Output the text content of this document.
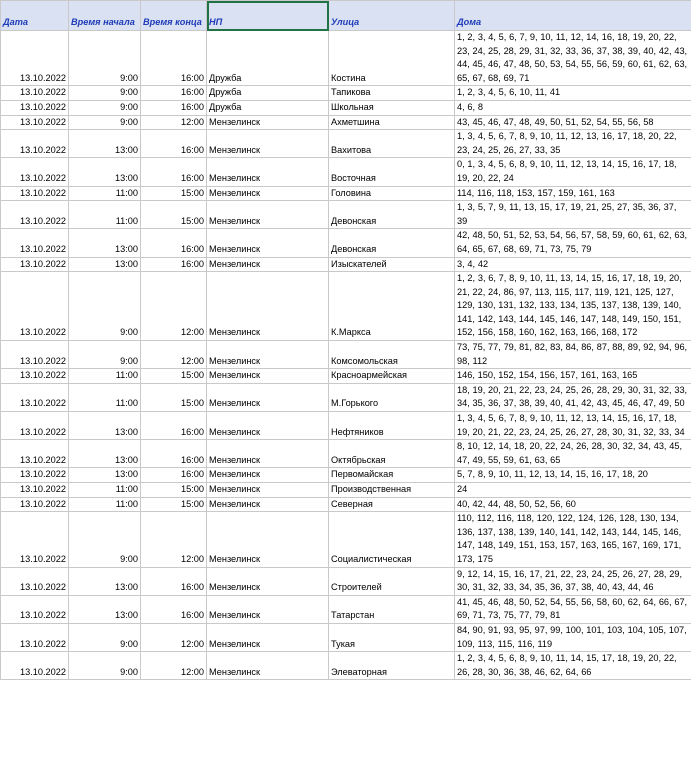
Дата	Время начала	Время конца	НП	Улица	Дома
13.10.2022	9:00	16:00	Дружба	Костина	1, 2, 3, 4, 5, 6, 7, 9, 10, 11, 12, 14, 16, 18, 19, 20, 22, 23, 24, 25, 28, 29, 31, 32, 33, 36, 37, 38, 39, 40, 42, 43, 44, 45, 46, 47, 48, 50, 53, 54, 55, 56, 59, 60, 61, 62, 63, 65, 67, 68, 69, 71
13.10.2022	9:00	16:00	Дружба	Тапикова	1, 2, 3, 4, 5, 6, 10, 11, 41
13.10.2022	9:00	16:00	Дружба	Школьная	4, 6, 8
13.10.2022	9:00	12:00	Мензелинск	Ахметшина	43, 45, 46, 47, 48, 49, 50, 51, 52, 54, 55, 56, 58
13.10.2022	13:00	16:00	Мензелинск	Вахитова	1, 3, 4, 5, 6, 7, 8, 9, 10, 11, 12, 13, 16, 17, 18, 20, 22, 23, 24, 25, 26, 27, 33, 35
13.10.2022	13:00	16:00	Мензелинск	Восточная	0, 1, 3, 4, 5, 6, 8, 9, 10, 11, 12, 13, 14, 15, 16, 17, 18, 19, 20, 22, 24
13.10.2022	11:00	15:00	Мензелинск	Головина	114, 116, 118, 153, 157, 159, 161, 163
13.10.2022	11:00	15:00	Мензелинск	Девонская	1, 3, 5, 7, 9, 11, 13, 15, 17, 19, 21, 25, 27, 35, 36, 37, 39
13.10.2022	13:00	16:00	Мензелинск	Девонская	42, 48, 50, 51, 52, 53, 54, 56, 57, 58, 59, 60, 61, 62, 63, 64, 65, 67, 68, 69, 71, 73, 75, 79
13.10.2022	13:00	16:00	Мензелинск	Изыскателей	3, 4, 42
13.10.2022	9:00	12:00	Мензелинск	К.Маркса	1, 2, 3, 6, 7, 8, 9, 10, 11, 13, 14, 15, 16, 17, 18, 19, 20, 21, 22, 24, 86, 97, 113, 115, 117, 119, 121, 125, 127, 129, 130, 131, 132, 133, 134, 135, 137, 138, 139, 140, 141, 142, 143, 144, 145, 146, 147, 148, 149, 150, 151, 152, 156, 158, 160, 162, 163, 166, 168, 172
13.10.2022	9:00	12:00	Мензелинск	Комсомольская	73, 75, 77, 79, 81, 82, 83, 84, 86, 87, 88, 89, 92, 94, 96, 98, 112
13.10.2022	11:00	15:00	Мензелинск	Красноармейская	146, 150, 152, 154, 156, 157, 161, 163, 165
13.10.2022	11:00	15:00	Мензелинск	М.Горького	18, 19, 20, 21, 22, 23, 24, 25, 26, 28, 29, 30, 31, 32, 33, 34, 35, 36, 37, 38, 39, 40, 41, 42, 43, 45, 46, 47, 49, 50
13.10.2022	13:00	16:00	Мензелинск	Нефтяников	1, 3, 4, 5, 6, 7, 8, 9, 10, 11, 12, 13, 14, 15, 16, 17, 18, 19, 20, 21, 22, 23, 24, 25, 26, 27, 28, 30, 31, 32, 33, 34
13.10.2022	13:00	16:00	Мензелинск	Октябрьская	8, 10, 12, 14, 18, 20, 22, 24, 26, 28, 30, 32, 34, 43, 45, 47, 49, 55, 59, 61, 63, 65
13.10.2022	13:00	16:00	Мензелинск	Первомайская	5, 7, 8, 9, 10, 11, 12, 13, 14, 15, 16, 17, 18, 20
13.10.2022	11:00	15:00	Мензелинск	Производственная	24
13.10.2022	11:00	15:00	Мензелинск	Северная	40, 42, 44, 48, 50, 52, 56, 60
13.10.2022	9:00	12:00	Мензелинск	Социалистическая	110, 112, 116, 118, 120, 122, 124, 126, 128, 130, 134, 136, 137, 138, 139, 140, 141, 142, 143, 144, 145, 146, 147, 148, 149, 151, 153, 157, 163, 165, 167, 169, 171, 173, 175
13.10.2022	13:00	16:00	Мензелинск	Строителей	9, 12, 14, 15, 16, 17, 21, 22, 23, 24, 25, 26, 27, 28, 29, 30, 31, 32, 33, 34, 35, 36, 37, 38, 40, 43, 44, 46
13.10.2022	13:00	16:00	Мензелинск	Татарстан	41, 45, 46, 48, 50, 52, 54, 55, 56, 58, 60, 62, 64, 66, 67, 69, 71, 73, 75, 77, 79, 81
13.10.2022	9:00	12:00	Мензелинск	Тукая	84, 90, 91, 93, 95, 97, 99, 100, 101, 103, 104, 105, 107, 109, 113, 115, 116, 119
13.10.2022	9:00	12:00	Мензелинск	Элеваторная	1, 2, 3, 4, 5, 6, 8, 9, 10, 11, 14, 15, 17, 18, 19, 20, 22, 26, 28, 30, 36, 38, 46, 62, 64, 66
